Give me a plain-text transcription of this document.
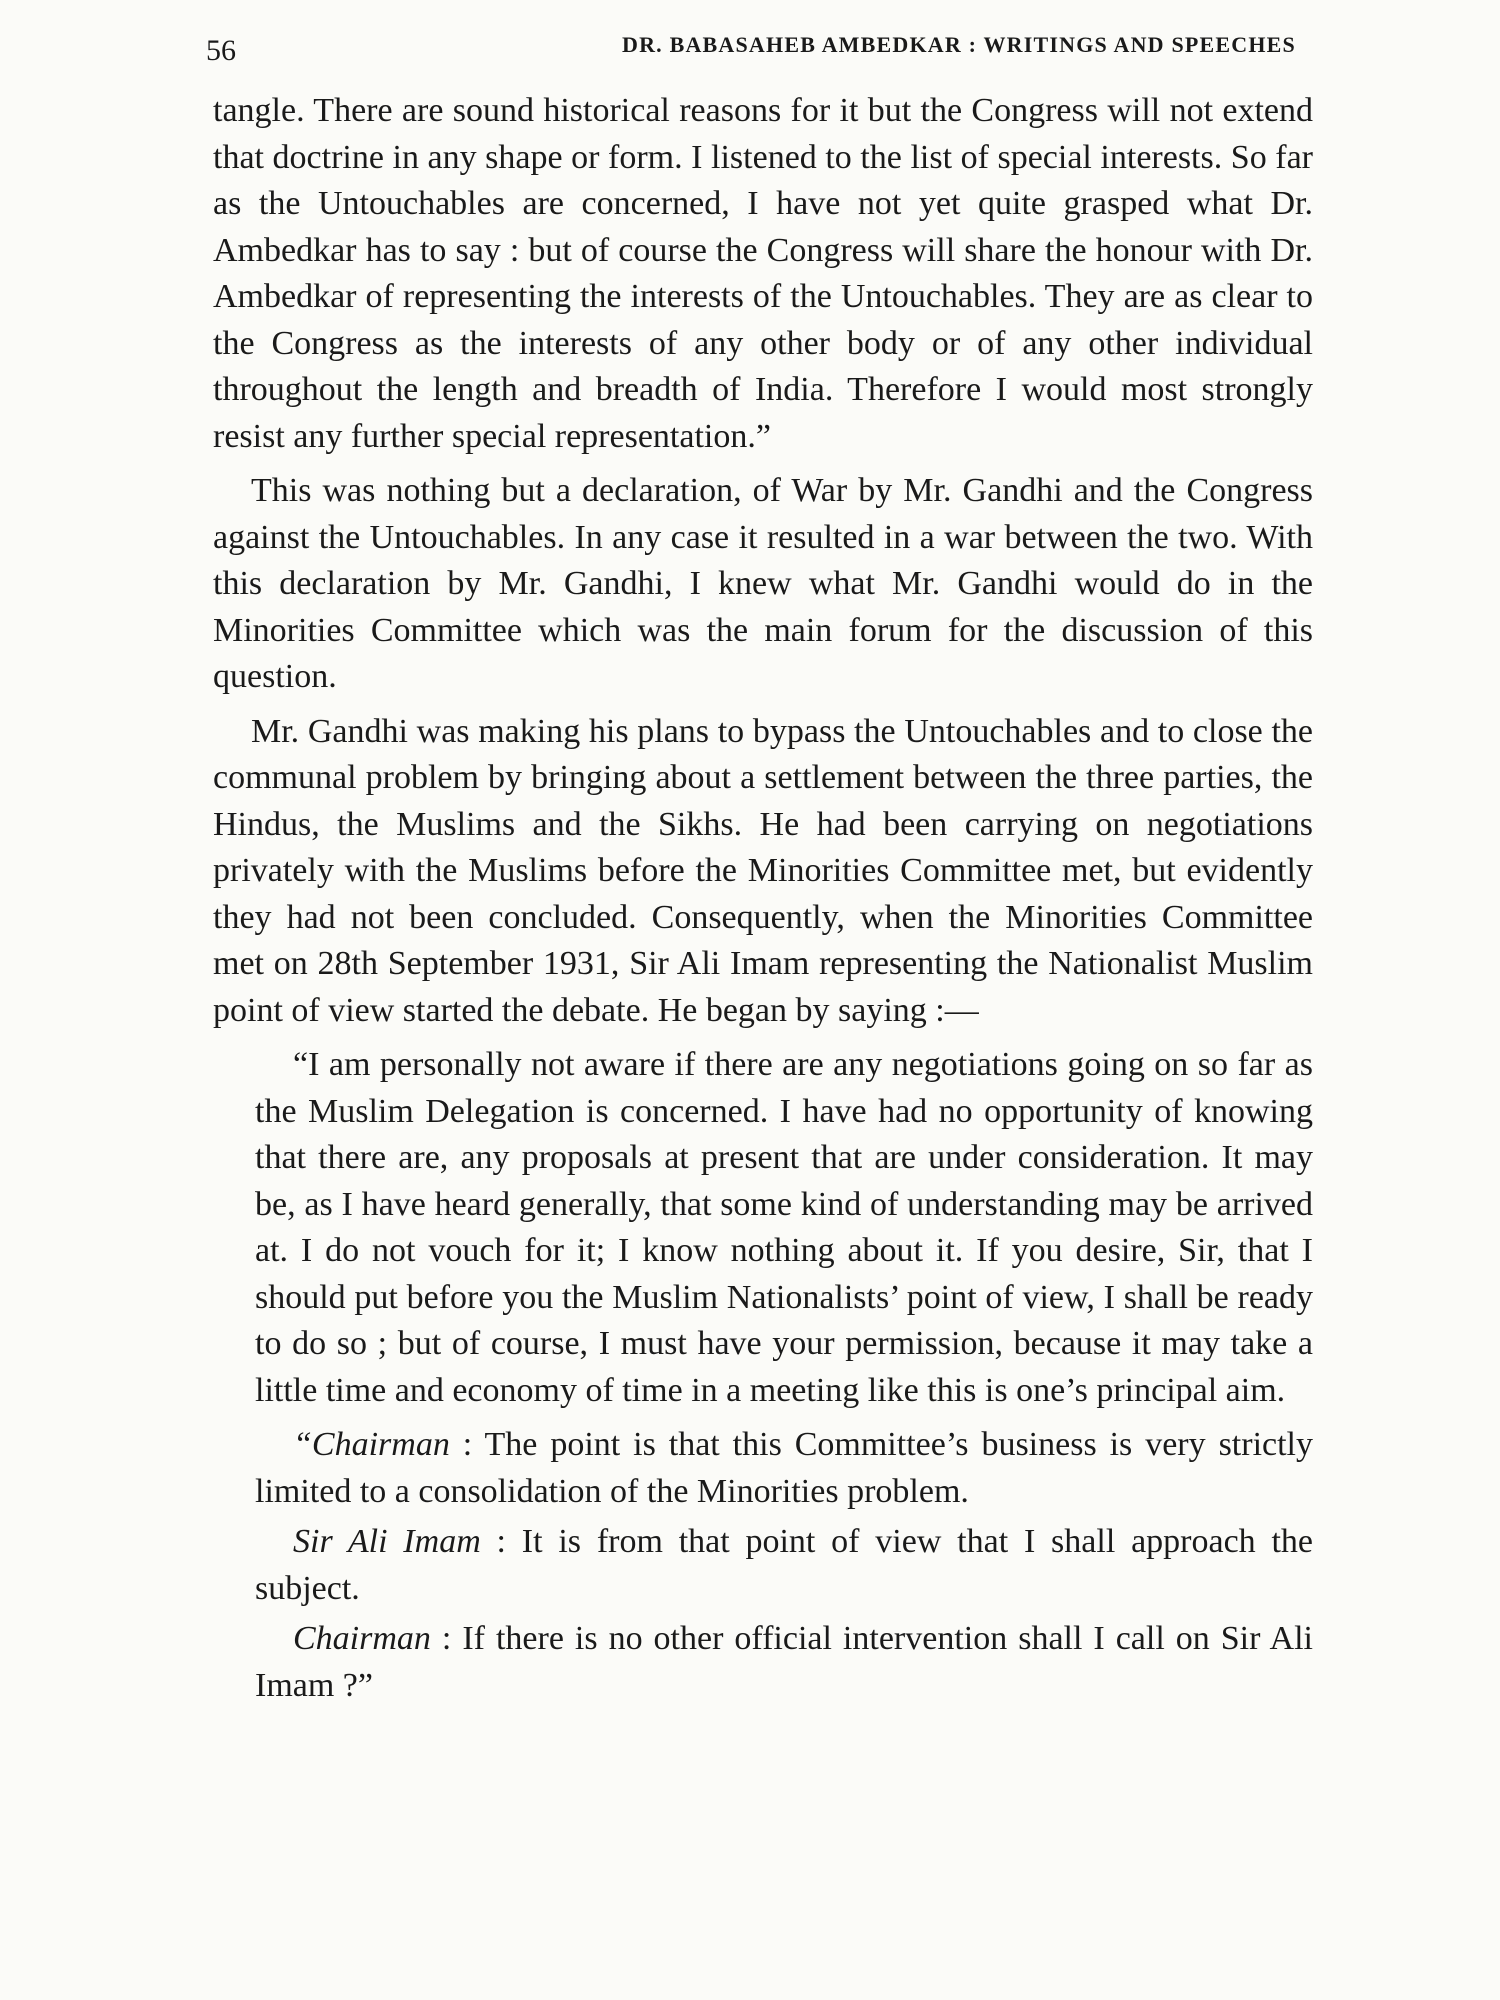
56	DR. BABASAHEB AMBEDKAR : WRITINGS AND SPEECHES

tangle. There are sound historical reasons for it but the Congress will not extend that doctrine in any shape or form. I listened to the list of special interests. So far as the Untouchables are concerned, I have not yet quite grasped what Dr. Ambedkar has to say : but of course the Congress will share the honour with Dr. Ambedkar of representing the interests of the Untouchables. They are as clear to the Congress as the interests of any other body or of any other individual throughout the length and breadth of India. Therefore I would most strongly resist any further special representation.”

This was nothing but a declaration, of War by Mr. Gandhi and the Congress against the Untouchables. In any case it resulted in a war between the two. With this declaration by Mr. Gandhi, I knew what Mr. Gandhi would do in the Minorities Committee which was the main forum for the discussion of this question.

Mr. Gandhi was making his plans to bypass the Untouchables and to close the communal problem by bringing about a settlement between the three parties, the Hindus, the Muslims and the Sikhs. He had been carrying on negotiations privately with the Muslims before the Minorities Committee met, but evidently they had not been concluded. Consequently, when the Minorities Committee met on 28th September 1931, Sir Ali Imam representing the Nationalist Muslim point of view started the debate. He began by saying :—

“I am personally not aware if there are any negotiations going on so far as the Muslim Delegation is concerned. I have had no opportunity of knowing that there are, any proposals at present that are under consideration. It may be, as I have heard generally, that some kind of understanding may be arrived at. I do not vouch for it; I know nothing about it. If you desire, Sir, that I should put before you the Muslim Nationalists’ point of view, I shall be ready to do so ; but of course, I must have your permission, because it may take a little time and economy of time in a meeting like this is one’s principal aim.

“Chairman : The point is that this Committee’s business is very strictly limited to a consolidation of the Minorities problem.

Sir Ali Imam : It is from that point of view that I shall approach the subject.

Chairman : If there is no other official intervention shall I call on Sir Ali Imam ?”
